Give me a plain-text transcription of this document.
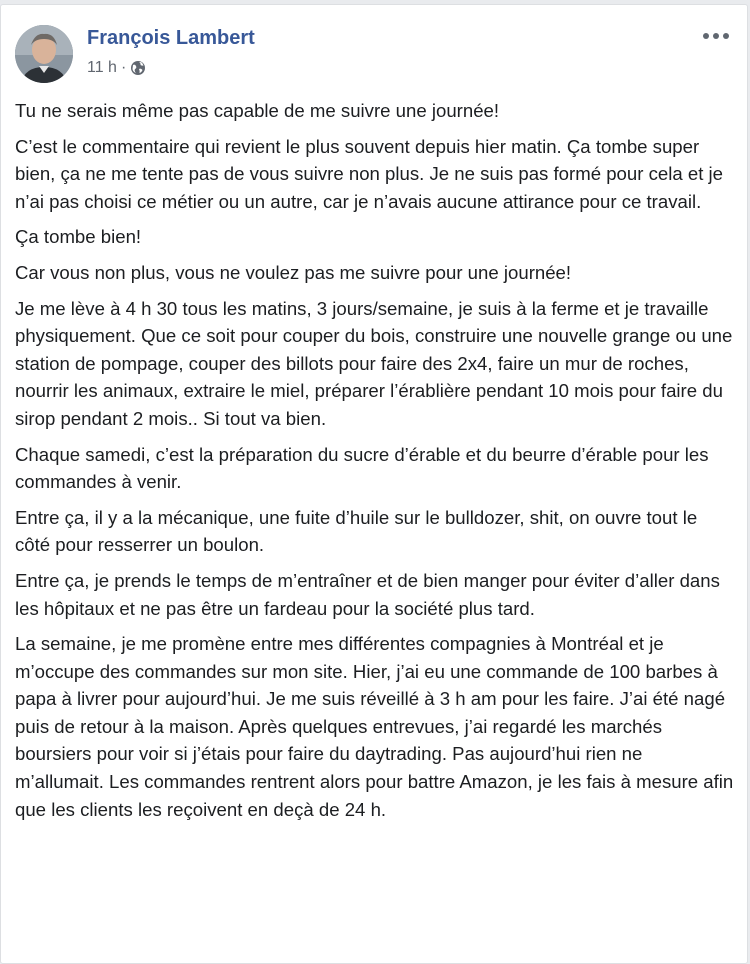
François Lambert
11 h ·

Tu ne serais même pas capable de me suivre une journée!

C’est le commentaire qui revient le plus souvent depuis hier matin. Ça tombe super bien, ça ne me tente pas de vous suivre non plus. Je ne suis pas formé pour cela et je n’ai pas choisi ce métier ou un autre, car je n’avais aucune attirance pour ce travail.

Ça tombe bien!

Car vous non plus, vous ne voulez pas me suivre pour une journée!

Je me lève à 4 h 30 tous les matins, 3 jours/semaine, je suis à la ferme et je travaille physiquement. Que ce soit pour couper du bois, construire une nouvelle grange ou une station de pompage, couper des billots pour faire des 2x4, faire un mur de roches, nourrir les animaux, extraire le miel, préparer l’érablière pendant 10 mois pour faire du sirop pendant 2 mois.. Si tout va bien.

Chaque samedi, c’est la préparation du sucre d’érable et du beurre d’érable pour les commandes à venir.

Entre ça, il y a la mécanique, une fuite d’huile sur le bulldozer, shit, on ouvre tout le côté pour resserrer un boulon.

Entre ça, je prends le temps de m’entraîner et de bien manger pour éviter d’aller dans les hôpitaux et ne pas être un fardeau pour la société plus tard.

La semaine, je me promène entre mes différentes compagnies à Montréal et je m’occupe des commandes sur mon site. Hier, j’ai eu une commande de 100 barbes à papa à livrer pour aujourd’hui. Je me suis réveillé à 3 h am pour les faire. J’ai été nagé puis de retour à la maison. Après quelques entrevues, j’ai regardé les marchés boursiers pour voir si j’étais pour faire du daytrading. Pas aujourd’hui rien ne m’allumait. Les commandes rentrent alors pour battre Amazon, je les fais à mesure afin que les clients les reçoivent en deçà de 24 h.
